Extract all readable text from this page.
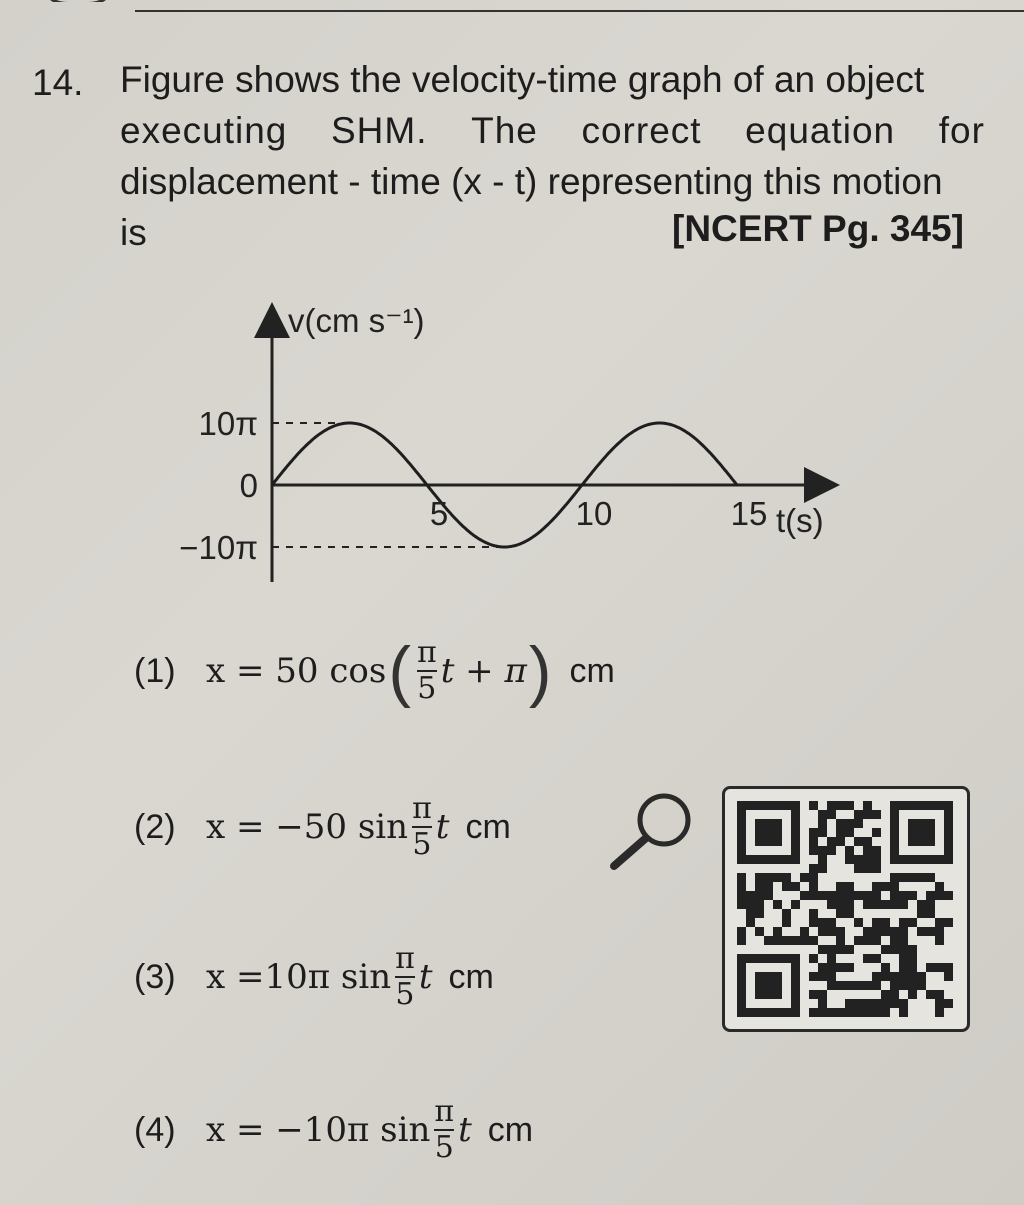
14. Figure shows the velocity-time graph of an object
executing SHM. The correct equation for
displacement - time (x - t) representing this motion
is	[NCERT Pg. 345]
5	10	15
10π
0
−10π
v(cm s⁻¹)
t(s)
(1) x = 50 cos ( $\frac{\pi}{5}$ t + π ) cm
(2) x = −50 $\sin \frac{\pi}{5}$ t cm
(3) x =10π $\sin \frac{\pi}{5}$ t cm
(4) x = −10π $\sin \frac{\pi}{5}$ t cm
